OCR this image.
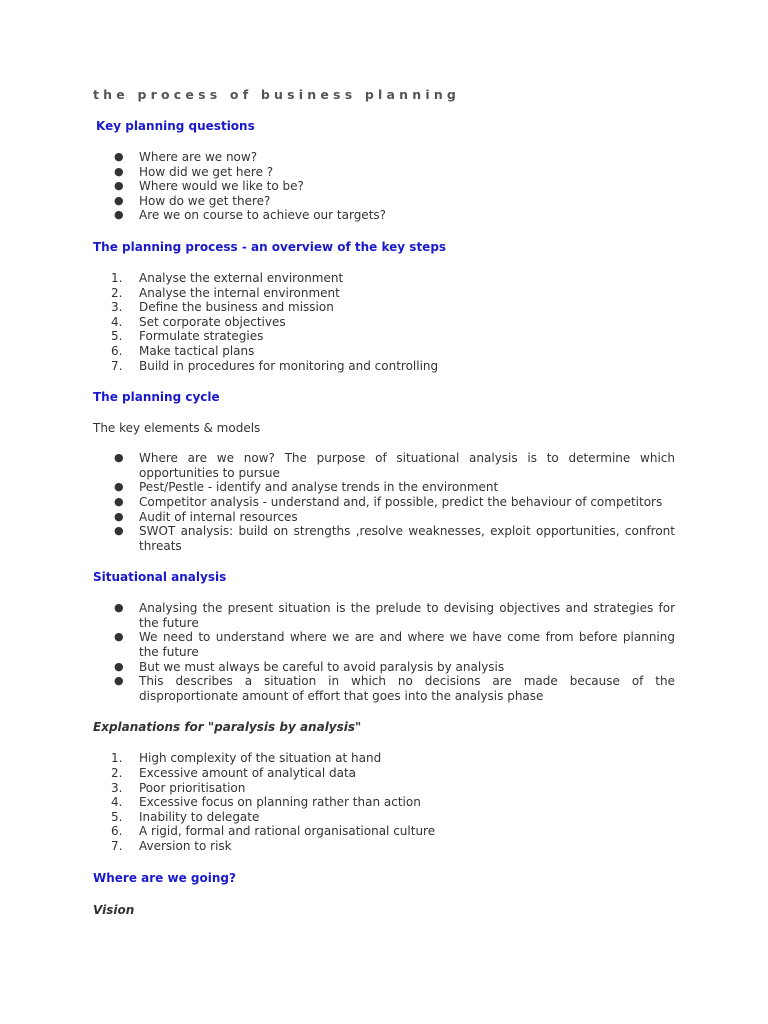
the process of business planning
Key planning questions
● Where are we now?
● How did we get here ?
● Where would we like to be?
● How do we get there?
● Are we on course to achieve our targets?
The planning process - an overview of the key steps
1. Analyse the external environment
2. Analyse the internal environment
3. Define the business and mission
4. Set corporate objectives
5. Formulate strategies
6. Make tactical plans
7. Build in procedures for monitoring and controlling
The planning cycle

The key elements & models

● Where are we now? The purpose of situational analysis is to determine which opportunities to pursue
● Pest/Pestle - identify and analyse trends in the environment
● Competitor analysis - understand and, if possible, predict the behaviour of competitors
● Audit of internal resources
● SWOT analysis: build on strengths ,resolve weaknesses, exploit opportunities, confront threats
Situational analysis
● Analysing the present situation is the prelude to devising objectives and strategies for the future
● We need to understand where we are and where we have come from before planning the future
● But we must always be careful to avoid paralysis by analysis
● This describes a situation in which no decisions are made because of the disproportionate amount of effort that goes into the analysis phase
Explanations for "paralysis by analysis"
1. High complexity of the situation at hand
2. Excessive amount of analytical data
3. Poor prioritisation
4. Excessive focus on planning rather than action
5. Inability to delegate
6. A rigid, formal and rational organisational culture
7. Aversion to risk
Where are we going?
Vision
